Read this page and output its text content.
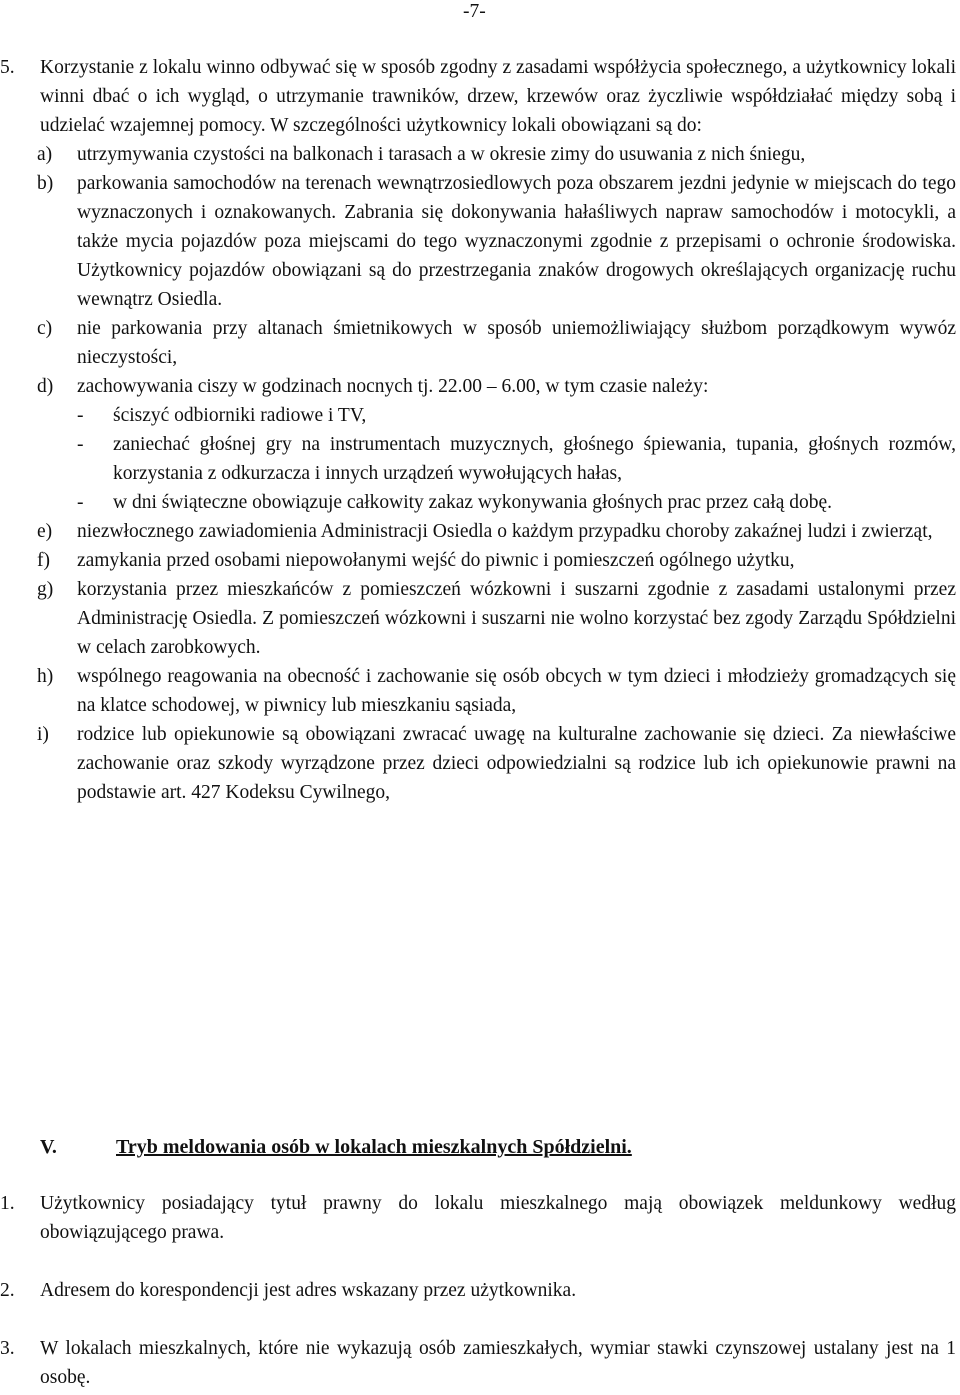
-7-
5.	Korzystanie z lokalu winno odbywać się w sposób zgodny z zasadami współżycia społecznego, a użytkownicy lokali winni dbać o ich wygląd, o utrzymanie trawników, drzew, krzewów oraz życzliwie współdziałać między sobą i udzielać wzajemnej pomocy. W szczególności użytkownicy lokali obowiązani są do:
a)	utrzymywania czystości na balkonach i tarasach a w okresie zimy do usuwania z nich śniegu,
b)	parkowania samochodów na terenach wewnątrzosiedlowych poza obszarem jezdni jedynie w miejscach do tego wyznaczonych i oznakowanych. Zabrania się dokonywania hałaśliwych napraw samochodów i motocykli, a także mycia pojazdów poza miejscami do tego wyznaczonymi zgodnie z przepisami o ochronie środowiska. Użytkownicy pojazdów obowiązani są do przestrzegania znaków drogowych określających organizację ruchu wewnątrz Osiedla.
c)	nie parkowania przy altanach śmietnikowych w sposób uniemożliwiający służbom porządkowym wywóz nieczystości,
d)	zachowywania ciszy w godzinach nocnych tj. 22.00 – 6.00, w tym czasie należy:
-	ściszyć odbiorniki radiowe i TV,
-	zaniechać głośnej gry na instrumentach muzycznych, głośnego śpiewania, tupania, głośnych rozmów, korzystania z odkurzacza i innych urządzeń wywołujących hałas,
-	w dni świąteczne obowiązuje całkowity zakaz wykonywania głośnych prac przez całą dobę.
e)	niezwłocznego zawiadomienia Administracji Osiedla o każdym przypadku choroby zakaźnej ludzi i zwierząt,
f)	zamykania przed osobami niepowołanymi wejść do piwnic i pomieszczeń ogólnego użytku,
g)	korzystania przez mieszkańców z pomieszczeń wózkowni i suszarni zgodnie z zasadami ustalonymi przez Administrację Osiedla. Z pomieszczeń wózkowni i suszarni nie wolno korzystać bez zgody Zarządu Spółdzielni w celach zarobkowych.
h)	wspólnego reagowania na obecność i zachowanie się osób obcych w tym dzieci i młodzieży gromadzących się na klatce schodowej, w piwnicy lub mieszkaniu sąsiada,
i)	rodzice lub opiekunowie są obowiązani zwracać uwagę na kulturalne zachowanie się dzieci. Za niewłaściwe zachowanie oraz szkody wyrządzone przez dzieci odpowiedzialni są rodzice lub ich opiekunowie prawni na podstawie art. 427 Kodeksu Cywilnego,
V.	Tryb meldowania osób w lokalach mieszkalnych Spółdzielni.
1.	Użytkownicy posiadający tytuł prawny do lokalu mieszkalnego mają obowiązek meldunkowy według obowiązującego prawa.
2.	Adresem do korespondencji jest adres wskazany przez użytkownika.
3.	W lokalach mieszkalnych, które nie wykazują osób zamieszkałych, wymiar stawki czynszowej ustalany jest na 1 osobę.
